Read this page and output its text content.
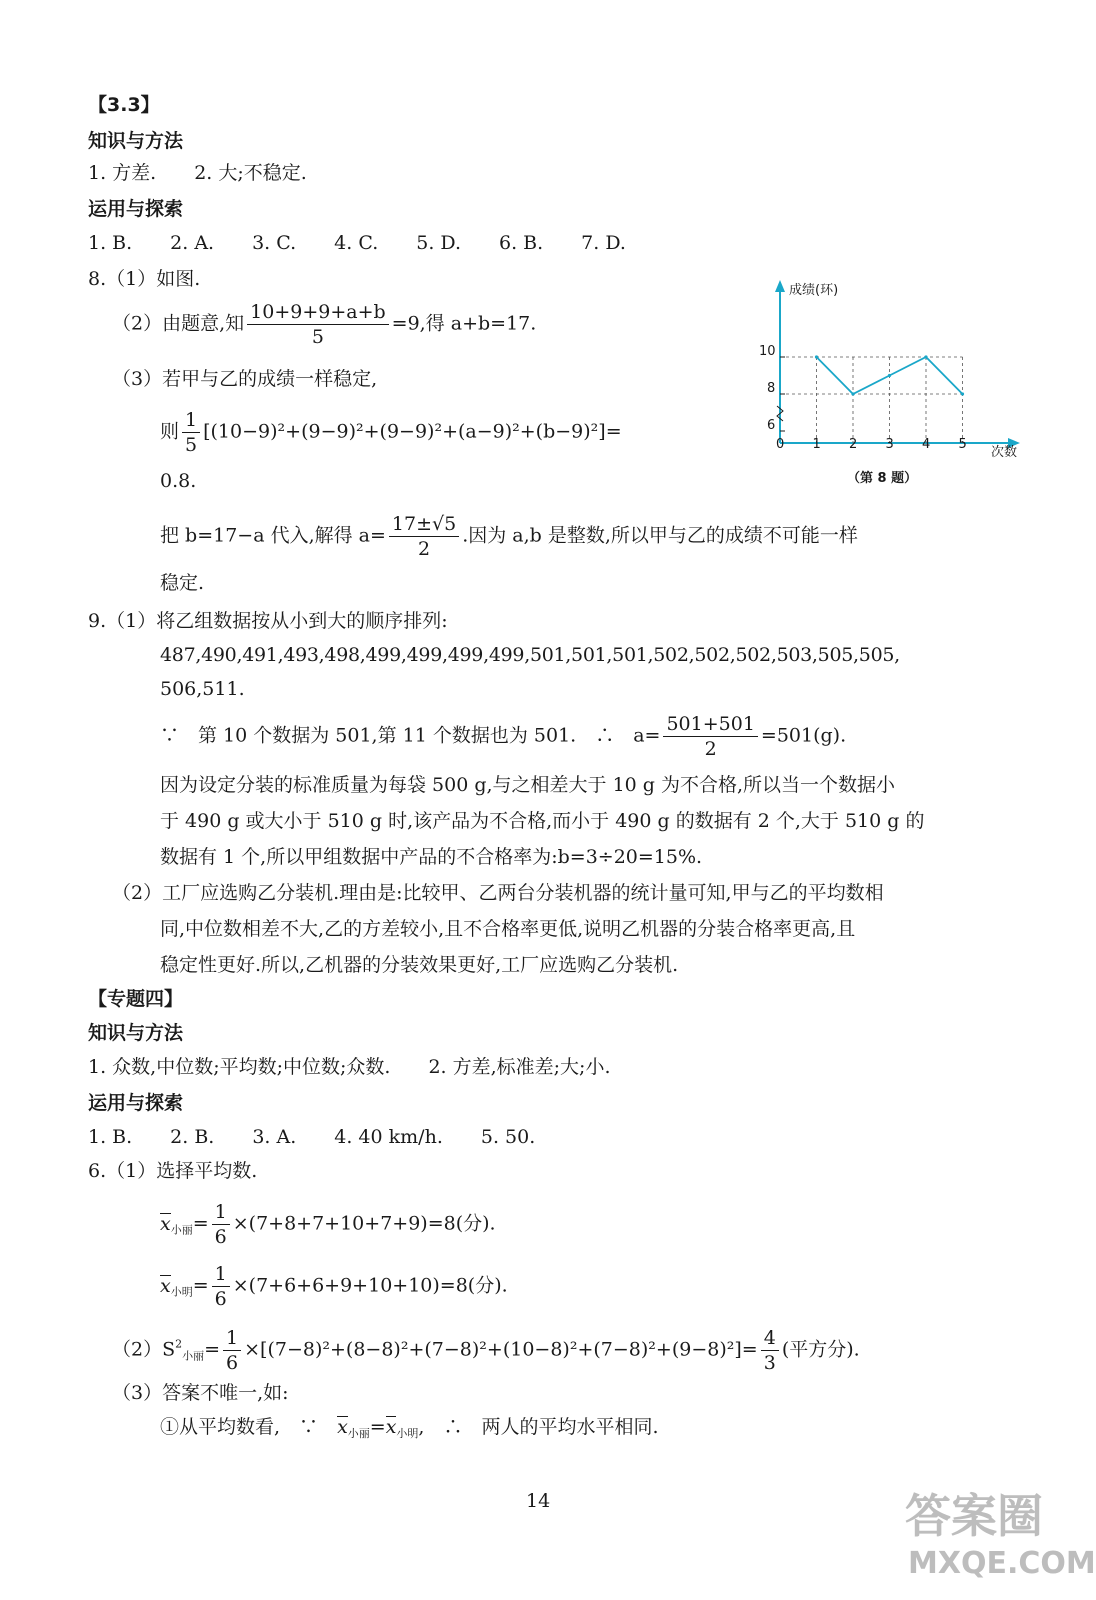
【3.3】
知识与方法
1. 方差.　　2. 大;不稳定.
运用与探索
1. B.　　2. A.　　3. C.　　4. C.　　5. D.　　6. B.　　7. D.
8.（1）如图.
（2）由题意,知 $\frac{10+9+9+a+b}{5} =9$,得 a+b=17.
（3）若甲与乙的成绩一样稳定,
则 $\frac{1}{5} [(10-9)^2+(9-9)^2+(9-9)^2+(a-9)^2+(b-9)^2]=$
0.8.
把 b=17−a 代入,解得 $a= \frac{17\pm√5}{2}$ .因为 a,b 是整数,所以甲与乙的成绩不可能一样
稳定.
9.（1）将乙组数据按从小到大的顺序排列:
487,490,491,493,498,499,499,499,499,501,501,501,502,502,502,503,505,505,
506,511.
∵　第 10 个数据为 501,第 11 个数据也为 501.　∴　$a= \frac{501+501}{2} =501(g)$.
因为设定分装的标准质量为每袋 500 g,与之相差大于 10 g 为不合格,所以当一个数据小
于 490 g 或大小于 510 g 时,该产品为不合格,而小于 490 g 的数据有 2 个,大于 510 g 的
数据有 1 个,所以甲组数据中产品的不合格率为:b=3÷20=15%.
（2）工厂应选购乙分装机.理由是:比较甲、乙两台分装机器的统计量可知,甲与乙的平均数相
同,中位数相差不大,乙的方差较小,且不合格率更低,说明乙机器的分装合格率更高,且
稳定性更好.所以,乙机器的分装效果更好,工厂应选购乙分装机.
【专题四】
知识与方法
1. 众数,中位数;平均数;中位数;众数.　　2. 方差,标准差;大;小.
运用与探索
1. B.　　2. B.　　3. A.　　4. 40 km/h.　　5. 50.
6.（1）选择平均数.
$x_{小丽}= \frac{1}{6} \times(7+8+7+10+7+9)=8$(分).
$x_{小明}= \frac{1}{6} \times(7+6+6+9+10+10)=8$(分).
$(2)S^2_{小丽}= \frac{1}{6} \times[(7-8)^2+(8-8)^2+(7-8)^2+(10-8)^2+(7-8)^2+(9-8)^2]= \frac{4}{3}$ (平方分).
（3）答案不唯一,如:
①从平均数看,　∵　 $x_{小丽}=x_{小明}$,　∴　两人的平均水平相同.
14
成绩(环)
次数
6
8
10
0 1 2 3 4 5
（第 8 题）
答案圈
MXQE.COM
